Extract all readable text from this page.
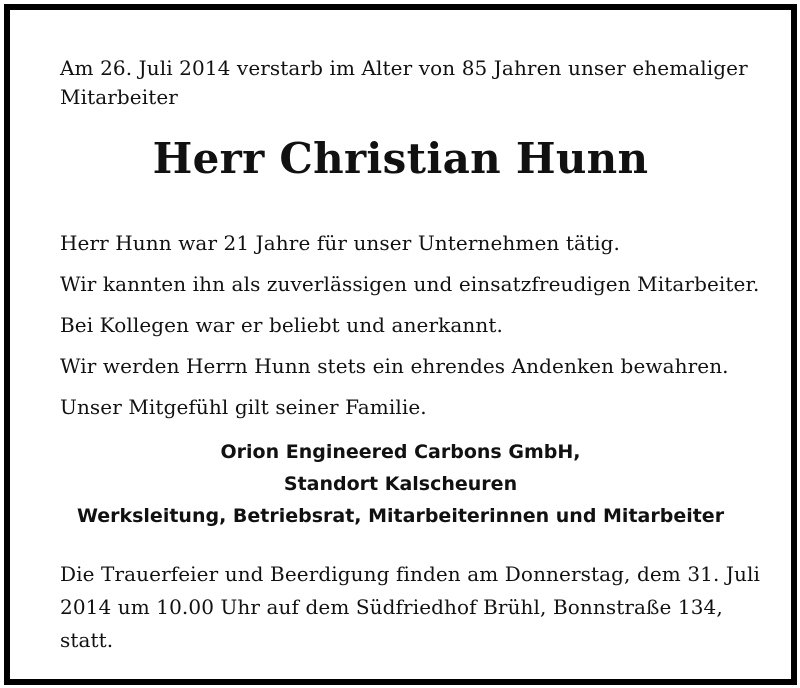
Am 26. Juli 2014 verstarb im Alter von 85 Jahren unser ehemaliger Mitarbeiter
Herr Christian Hunn
Herr Hunn war 21 Jahre für unser Unternehmen tätig.
Wir kannten ihn als zuverlässigen und einsatzfreudigen Mitarbeiter.
Bei Kollegen war er beliebt und anerkannt.
Wir werden Herrn Hunn stets ein ehrendes Andenken bewahren.
Unser Mitgefühl gilt seiner Familie.
Orion Engineered Carbons GmbH,
Standort Kalscheuren
Werksleitung, Betriebsrat, Mitarbeiterinnen und Mitarbeiter
Die Trauerfeier und Beerdigung finden am Donnerstag, dem 31. Juli 2014 um 10.00 Uhr auf dem Südfriedhof Brühl, Bonnstraße 134, statt.
